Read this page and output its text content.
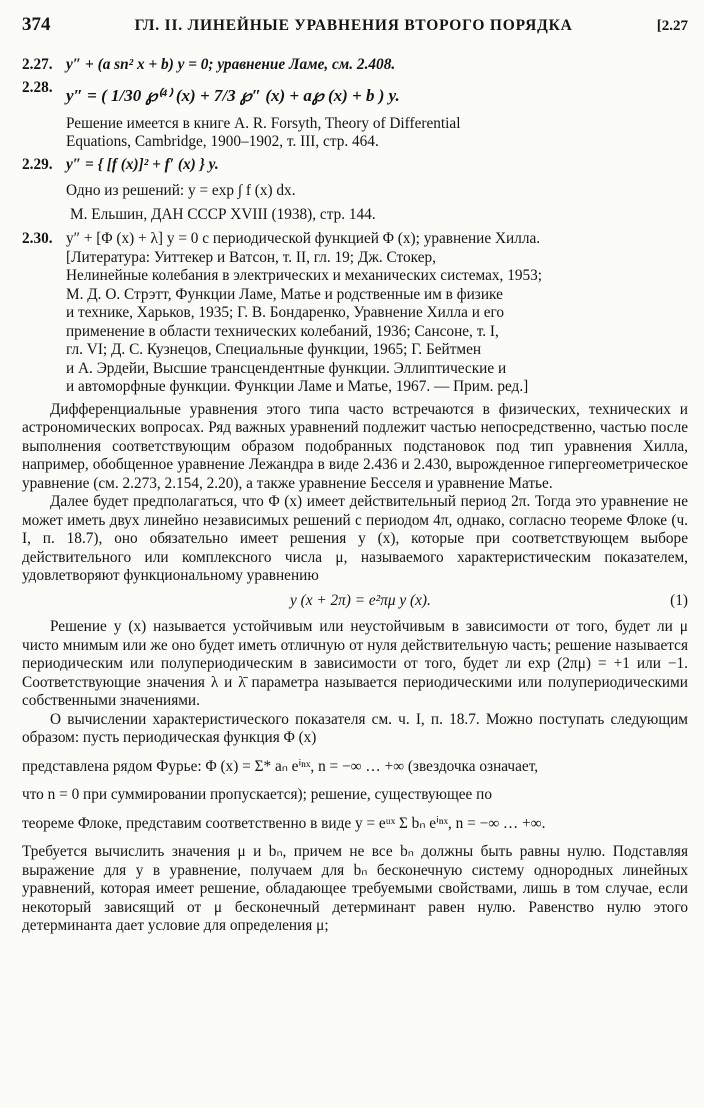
374	ГЛ. II. ЛИНЕЙНЫЕ УРАВНЕНИЯ ВТОРОГО ПОРЯДКА	[2.27
2.27. y″ + (a sn² x + b) y = 0; уравнение Ламе, см. 2.408.
2.28. y″ = ( 1/30 ℘⁽⁴⁾ (x) + 7/3 ℘″ (x) + a℘ (x) + b ) y.
Решение имеется в книге A. R. Forsyth, Theory of Differential
Equations, Cambridge, 1900–1902, т. III, стр. 464.
2.29. y″ = { [f (x)]² + f′ (x) } y.
Одно из решений: y = exp ∫ f (x) dx.
М. Ельшин, ДАН СССР XVIII (1938), стр. 144.
2.30. y″ + [Φ (x) + λ] y = 0 с периодической функцией Φ (x); уравнение Хилла.
[Литература: Уиттекер и Ватсон, т. II, гл. 19; Дж. Стокер,
Нелинейные колебания в электрических и механических системах, 1953;
М. Д. О. Стрэтт, Функции Ламе, Матье и родственные им в физике
и технике, Харьков, 1935; Г. В. Бондаренко, Уравнение Хилла и его
применение в области технических колебаний, 1936; Сансоне, т. I,
гл. VI; Д. С. Кузнецов, Специальные функции, 1965; Г. Бейтмен
и А. Эрдейи, Высшие трансцендентные функции. Эллиптические и
и автоморфные функции. Функции Ламе и Матье, 1967. — Прим. ред.]

Дифференциальные уравнения этого типа часто встречаются в физических, технических и астрономических вопросах. Ряд важных уравнений подлежит частью непосредственно, частью после выполнения соответствующим образом подобранных подстановок под тип уравнения Хилла, например, обобщенное уравнение Лежандра в виде 2.436 и 2.430, вырожденное гипергеометрическое уравнение (см. 2.273, 2.154, 2.20), а также уравнение Бесселя и уравнение Матье.

Далее будет предполагаться, что Φ (x) имеет действительный период 2π. Тогда это уравнение не может иметь двух линейно независимых решений с периодом 4π, однако, согласно теореме Флоке (ч. I, п. 18.7), оно обязательно имеет решения y (x), которые при соответствующем выборе действительного или комплексного числа μ, называемого характеристическим показателем, удовлетворяют функциональному уравнению

y (x + 2π) = e²πμ y (x).	(1)

Решение y (x) называется устойчивым или неустойчивым в зависимости от того, будет ли μ чисто мнимым или же оно будет иметь отличную от нуля действительную часть; решение называется периодическим или полупериодическим в зависимости от того, будет ли exp (2πμ) = +1 или −1. Соответствующие значения λ и λ̄ параметра называется периодическими или полупериодическими собственными значениями.

О вычислении характеристического показателя см. ч. I, п. 18.7. Можно поступать следующим образом: пусть периодическая функция Φ (x)

представлена рядом Фурье: Φ (x) = Σ* aₙ eⁱⁿˣ, n = −∞ … +∞ (звездочка означает,
что n = 0 при суммировании пропускается); решение, существующее по
теореме Флоке, представим соответственно в виде y = eᵘˣ Σ bₙ eⁱⁿˣ, n = −∞ … +∞.

Требуется вычислить значения μ и bₙ, причем не все bₙ должны быть равны нулю. Подставляя выражение для y в уравнение, получаем для bₙ бесконечную систему однородных линейных уравнений, которая имеет решение, обладающее требуемыми свойствами, лишь в том случае, если некоторый зависящий от μ бесконечный детерминант равен нулю. Равенство нулю этого детерминанта дает условие для определения μ;
